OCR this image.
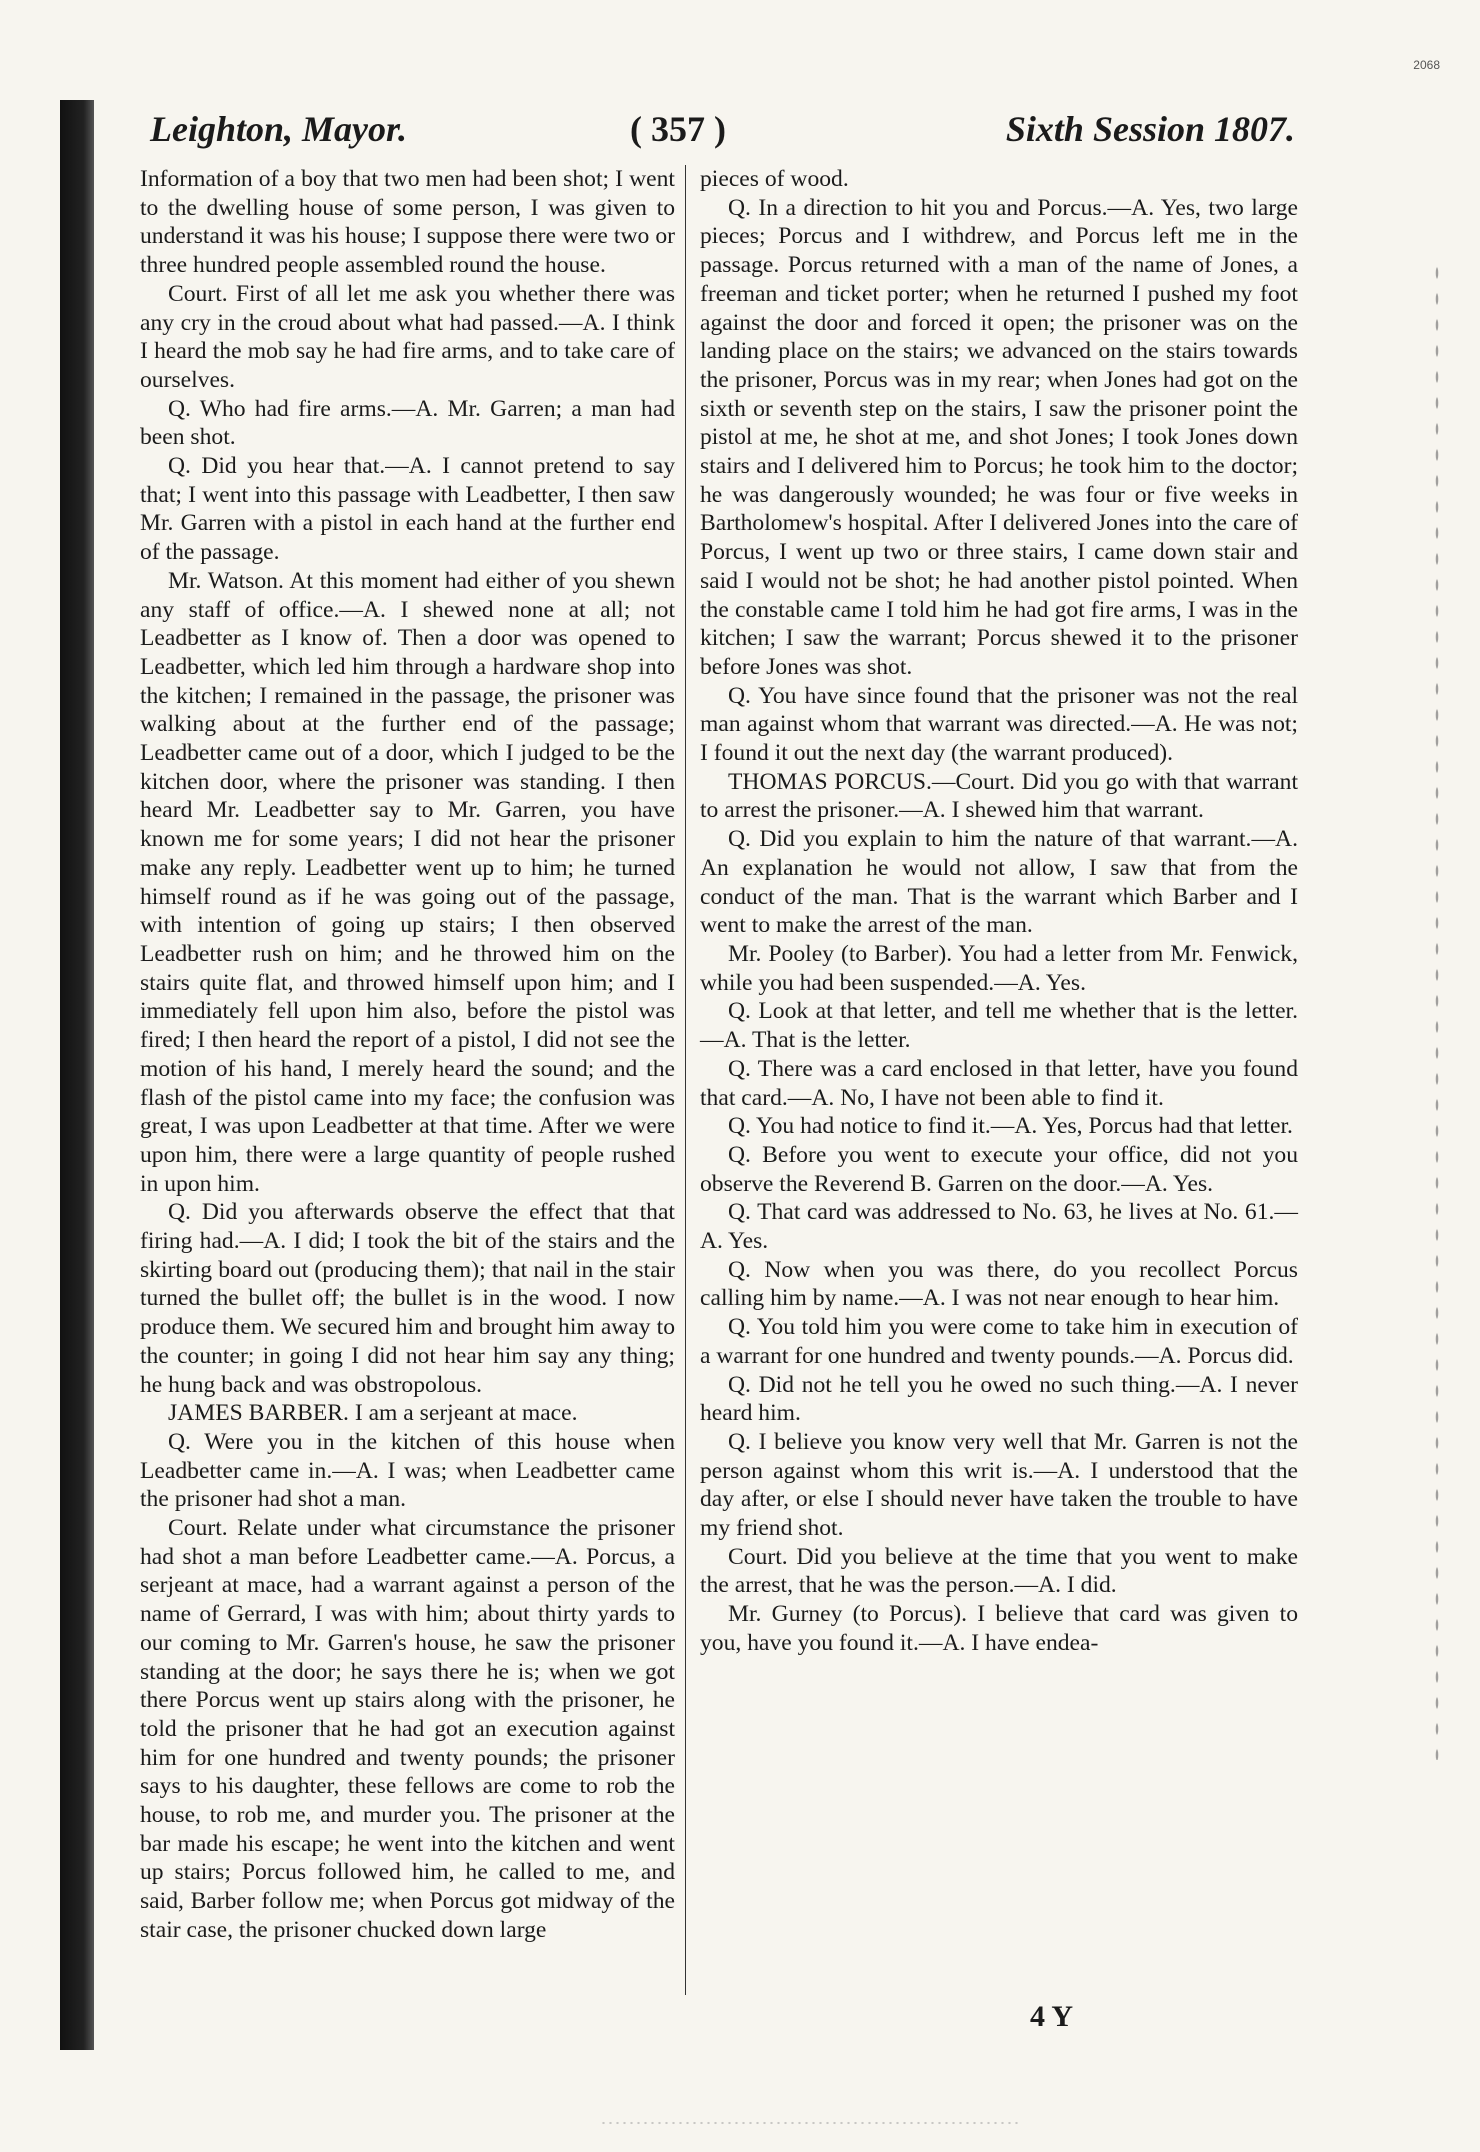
2068
Leighton, Mayor.	( 357 )	Sixth Session 1807.

Information of a boy that two men had been shot; I went to the dwelling house of some person, I was given to understand it was his house; I suppose there were two or three hundred people assembled round the house.

Court. First of all let me ask you whether there was any cry in the croud about what had passed.—A. I think I heard the mob say he had fire arms, and to take care of ourselves.

Q. Who had fire arms.—A. Mr. Garren; a man had been shot.

Q. Did you hear that.—A. I cannot pretend to say that; I went into this passage with Leadbetter, I then saw Mr. Garren with a pistol in each hand at the further end of the passage.

Mr. Watson. At this moment had either of you shewn any staff of office.—A. I shewed none at all; not Leadbetter as I know of. Then a door was opened to Leadbetter, which led him through a hardware shop into the kitchen; I remained in the passage, the prisoner was walking about at the further end of the passage; Leadbetter came out of a door, which I judged to be the kitchen door, where the prisoner was standing. I then heard Mr. Leadbetter say to Mr. Garren, you have known me for some years; I did not hear the prisoner make any reply. Leadbetter went up to him; he turned himself round as if he was going out of the passage, with intention of going up stairs; I then observed Leadbetter rush on him; and he throwed him on the stairs quite flat, and throwed himself upon him; and I immediately fell upon him also, before the pistol was fired; I then heard the report of a pistol, I did not see the motion of his hand, I merely heard the sound; and the flash of the pistol came into my face; the confusion was great, I was upon Leadbetter at that time. After we were upon him, there were a large quantity of people rushed in upon him.

Q. Did you afterwards observe the effect that that firing had.—A. I did; I took the bit of the stairs and the skirting board out (producing them); that nail in the stair turned the bullet off; the bullet is in the wood. I now produce them. We secured him and brought him away to the counter; in going I did not hear him say any thing; he hung back and was obstropolous.

JAMES BARBER. I am a serjeant at mace.

Q. Were you in the kitchen of this house when Leadbetter came in.—A. I was; when Leadbetter came the prisoner had shot a man.

Court. Relate under what circumstance the prisoner had shot a man before Leadbetter came.—A. Porcus, a serjeant at mace, had a warrant against a person of the name of Gerrard, I was with him; about thirty yards to our coming to Mr. Garren's house, he saw the prisoner standing at the door; he says there he is; when we got there Porcus went up stairs along with the prisoner, he told the prisoner that he had got an execution against him for one hundred and twenty pounds; the prisoner says to his daughter, these fellows are come to rob the house, to rob me, and murder you. The prisoner at the bar made his escape; he went into the kitchen and went up stairs; Porcus followed him, he called to me, and said, Barber follow me; when Porcus got midway of the stair case, the prisoner chucked down large

pieces of wood.

Q. In a direction to hit you and Porcus.—A. Yes, two large pieces; Porcus and I withdrew, and Porcus left me in the passage. Porcus returned with a man of the name of Jones, a freeman and ticket porter; when he returned I pushed my foot against the door and forced it open; the prisoner was on the landing place on the stairs; we advanced on the stairs towards the prisoner, Porcus was in my rear; when Jones had got on the sixth or seventh step on the stairs, I saw the prisoner point the pistol at me, he shot at me, and shot Jones; I took Jones down stairs and I delivered him to Porcus; he took him to the doctor; he was dangerously wounded; he was four or five weeks in Bartholomew's hospital. After I delivered Jones into the care of Porcus, I went up two or three stairs, I came down stair and said I would not be shot; he had another pistol pointed. When the constable came I told him he had got fire arms, I was in the kitchen; I saw the warrant; Porcus shewed it to the prisoner before Jones was shot.

Q. You have since found that the prisoner was not the real man against whom that warrant was directed.—A. He was not; I found it out the next day (the warrant produced).

THOMAS PORCUS.—Court. Did you go with that warrant to arrest the prisoner.—A. I shewed him that warrant.

Q. Did you explain to him the nature of that warrant.—A. An explanation he would not allow, I saw that from the conduct of the man. That is the warrant which Barber and I went to make the arrest of the man.

Mr. Pooley (to Barber). You had a letter from Mr. Fenwick, while you had been suspended.—A. Yes.

Q. Look at that letter, and tell me whether that is the letter.—A. That is the letter.

Q. There was a card enclosed in that letter, have you found that card.—A. No, I have not been able to find it.

Q. You had notice to find it.—A. Yes, Porcus had that letter.

Q. Before you went to execute your office, did not you observe the Reverend B. Garren on the door.—A. Yes.

Q. That card was addressed to No. 63, he lives at No. 61.—A. Yes.

Q. Now when you was there, do you recollect Porcus calling him by name.—A. I was not near enough to hear him.

Q. You told him you were come to take him in execution of a warrant for one hundred and twenty pounds.—A. Porcus did.

Q. Did not he tell you he owed no such thing.—A. I never heard him.

Q. I believe you know very well that Mr. Garren is not the person against whom this writ is.—A. I understood that the day after, or else I should never have taken the trouble to have my friend shot.

Court. Did you believe at the time that you went to make the arrest, that he was the person.—A. I did.

Mr. Gurney (to Porcus). I believe that card was given to you, have you found it.—A. I have endea-

4 Y
